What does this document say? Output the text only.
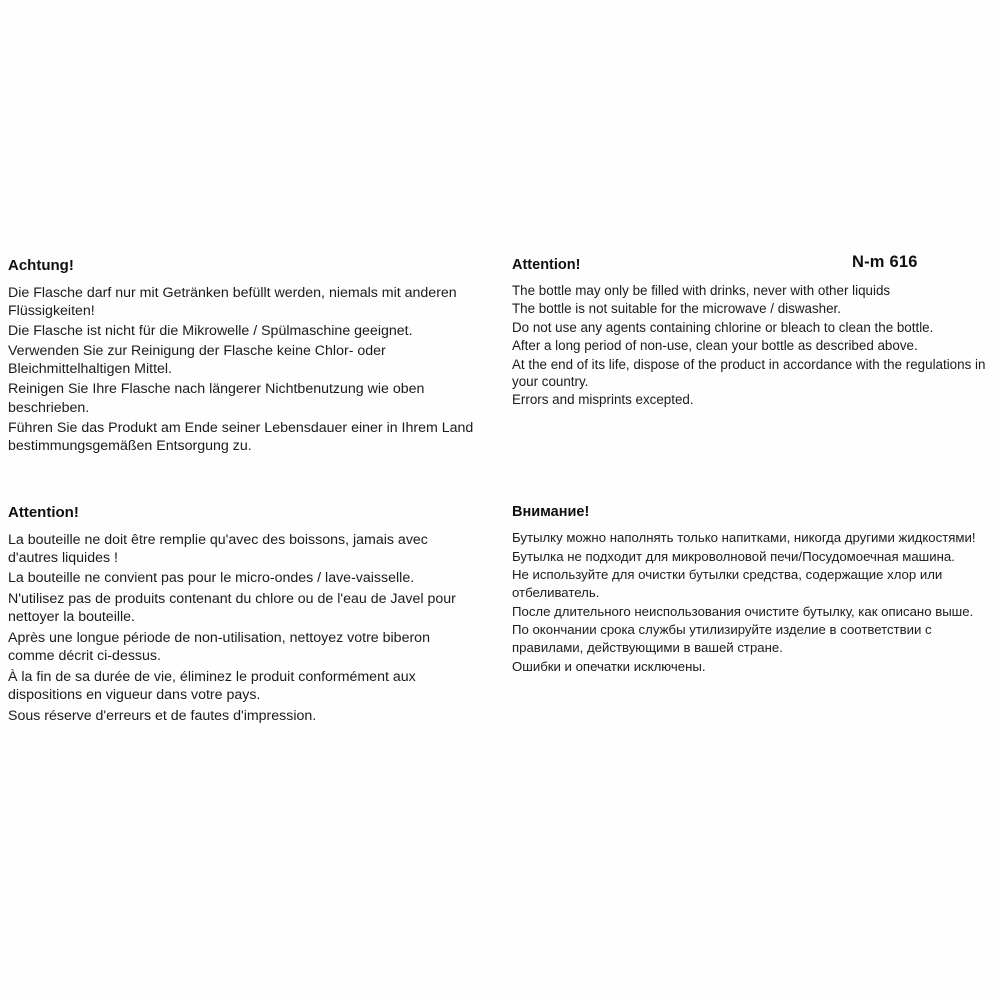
N-m 616
Achtung!

Die Flasche darf nur mit Getränken befüllt werden, niemals mit anderen Flüssigkeiten!

Die Flasche ist nicht für die Mikrowelle / Spülmaschine geeignet.

Verwenden Sie zur Reinigung der Flasche keine Chlor- oder Bleichmittelhaltigen Mittel.

Reinigen Sie Ihre Flasche nach längerer Nichtbenutzung wie oben beschrieben.

Führen Sie das Produkt am Ende seiner Lebensdauer einer in Ihrem Land bestimmungsgemäßen Entsorgung zu.

Attention!

The bottle may only be filled with drinks, never with other liquids

The bottle is not suitable for the microwave / diswasher.

Do not use any agents containing chlorine or bleach to clean the bottle.

After a long period of non-use, clean your bottle as described above.

At the end of its life, dispose of the product in accordance with the regulations in your country.

Errors and misprints excepted.

Attention!

La bouteille ne doit être remplie qu'avec des boissons, jamais avec d'autres liquides !

La bouteille ne convient pas pour le micro-ondes / lave-vaisselle.

N'utilisez pas de produits contenant du chlore ou de l'eau de Javel pour nettoyer la bouteille.

Après une longue période de non-utilisation, nettoyez votre biberon comme décrit ci-dessus.

À la fin de sa durée de vie, éliminez le produit conformément aux dispositions en vigueur dans votre pays.

Sous réserve d'erreurs et de fautes d'impression.

Внимание!

Бутылку можно наполнять только напитками, никогда другими жидкостями!

Бутылка не подходит для микроволновой печи/Посудомоечная машина.

Не используйте для очистки бутылки средства, содержащие хлор или отбеливатель.

После длительного неиспользования очистите бутылку, как описано выше.

По окончании срока службы утилизируйте изделие в соответствии с правилами, действующими в вашей стране.

Ошибки и опечатки исключены.
